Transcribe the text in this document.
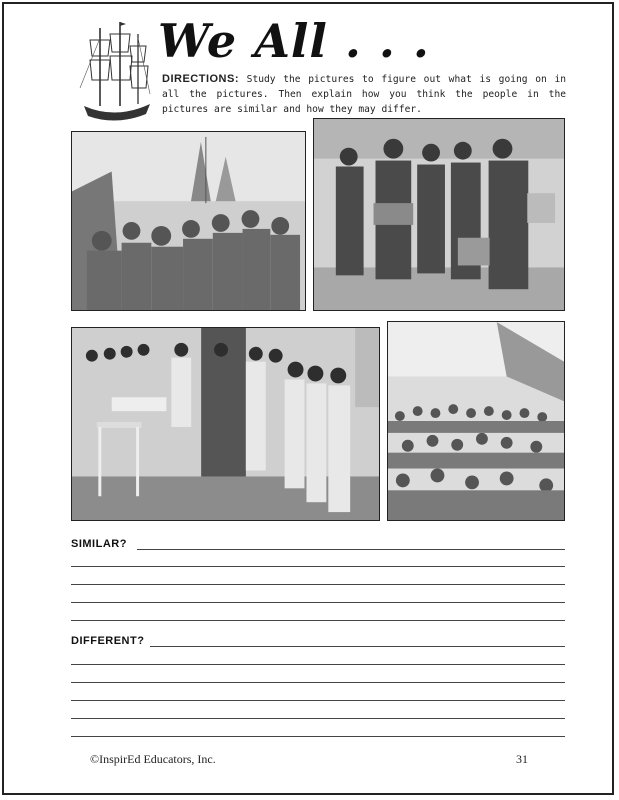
We All . . .
DIRECTIONS: Study the pictures to figure out what is going on in all the pictures. Then explain how you think the people in the pictures are similar and how they may differ.
SIMILAR?
DIFFERENT?
©InspirEd Educators, Inc.	31
